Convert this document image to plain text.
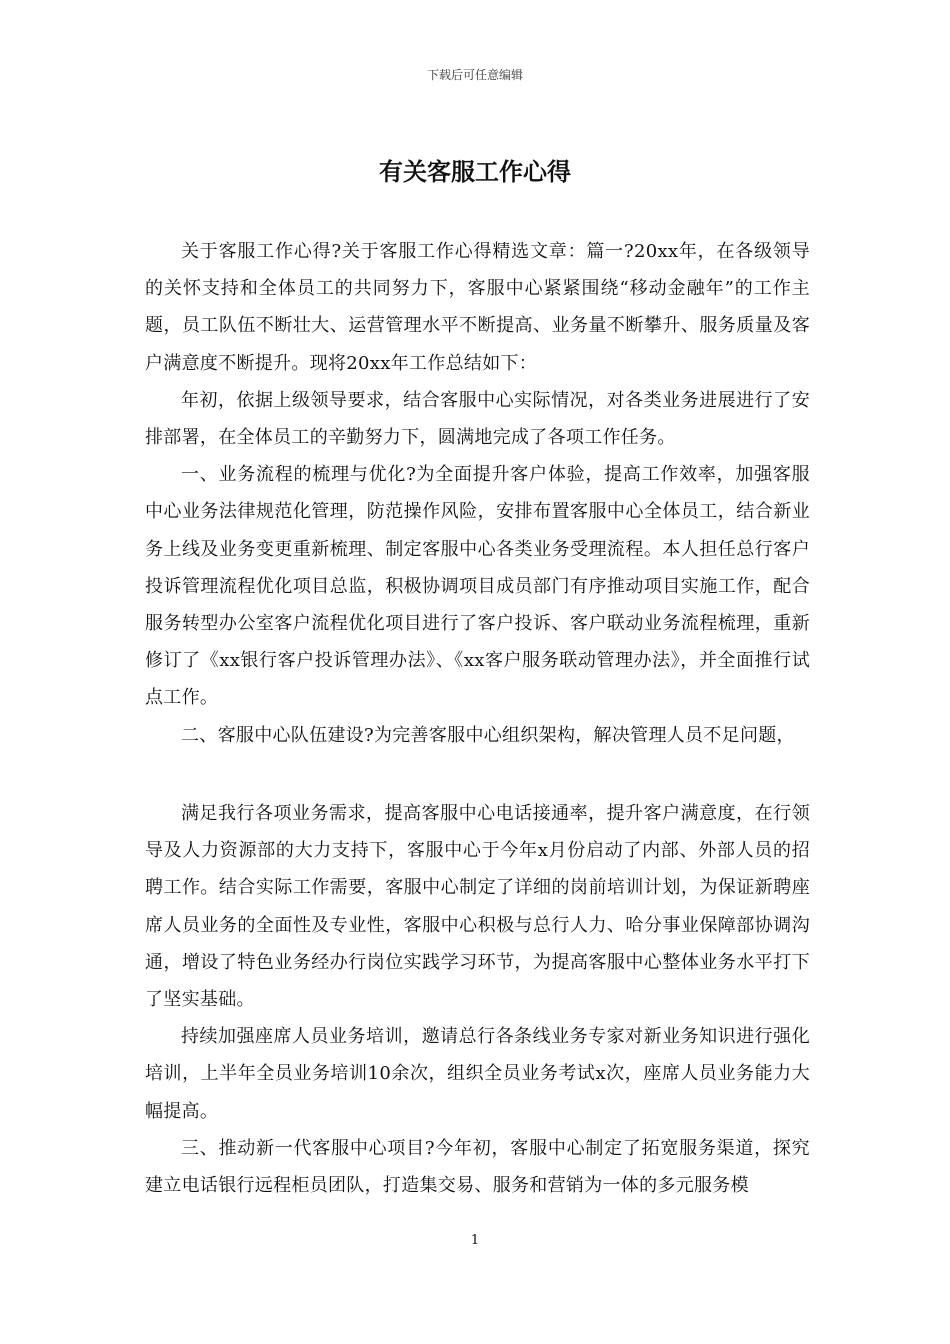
下载后可任意编辑
有关客服工作心得

关于客服工作心得?关于客服工作心得精选文章：篇一?20xx年，在各级领导的关怀支持和全体员工的共同努力下，客服中心紧紧围绕“移动金融年”的工作主题，员工队伍不断壮大、运营管理水平不断提高、业务量不断攀升、服务质量及客户满意度不断提升。现将20xx年工作总结如下：

年初，依据上级领导要求，结合客服中心实际情况，对各类业务进展进行了安排部署，在全体员工的辛勤努力下，圆满地完成了各项工作任务。

一、业务流程的梳理与优化?为全面提升客户体验，提高工作效率，加强客服中心业务法律规范化管理，防范操作风险，安排布置客服中心全体员工，结合新业务上线及业务变更重新梳理、制定客服中心各类业务受理流程。本人担任总行客户投诉管理流程优化项目总监，积极协调项目成员部门有序推动项目实施工作，配合服务转型办公室客户流程优化项目进行了客户投诉、客户联动业务流程梳理，重新修订了《xx银行客户投诉管理办法》、《xx客户服务联动管理办法》，并全面推行试点工作。

二、客服中心队伍建设?为完善客服中心组织架构，解决管理人员不足问题，

满足我行各项业务需求，提高客服中心电话接通率，提升客户满意度，在行领导及人力资源部的大力支持下，客服中心于今年x月份启动了内部、外部人员的招聘工作。结合实际工作需要，客服中心制定了详细的岗前培训计划，为保证新聘座席人员业务的全面性及专业性，客服中心积极与总行人力、哈分事业保障部协调沟通，增设了特色业务经办行岗位实践学习环节，为提高客服中心整体业务水平打下了坚实基础。

持续加强座席人员业务培训，邀请总行各条线业务专家对新业务知识进行强化培训，上半年全员业务培训10余次，组织全员业务考试x次，座席人员业务能力大幅提高。

三、推动新一代客服中心项目?今年初，客服中心制定了拓宽服务渠道，探究建立电话银行远程柜员团队，打造集交易、服务和营销为一体的多元服务模

1
